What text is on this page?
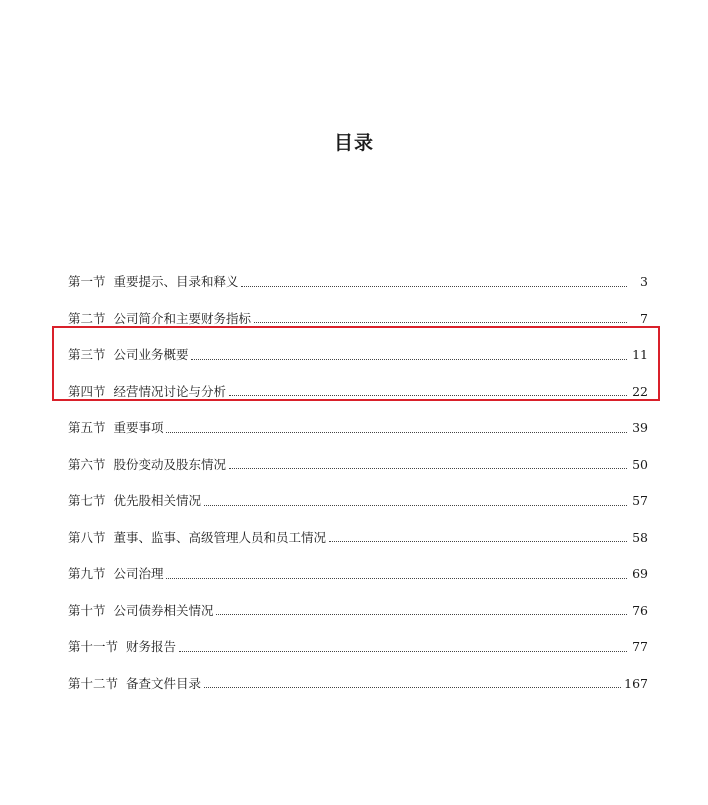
目录
第一节  重要提示、目录和释义	3
第二节  公司简介和主要财务指标	7
第三节  公司业务概要	11
第四节  经营情况讨论与分析	22
第五节  重要事项	39
第六节  股份变动及股东情况	50
第七节  优先股相关情况	57
第八节  董事、监事、高级管理人员和员工情况	58
第九节  公司治理	69
第十节  公司债券相关情况	76
第十一节  财务报告	77
第十二节  备查文件目录	167
